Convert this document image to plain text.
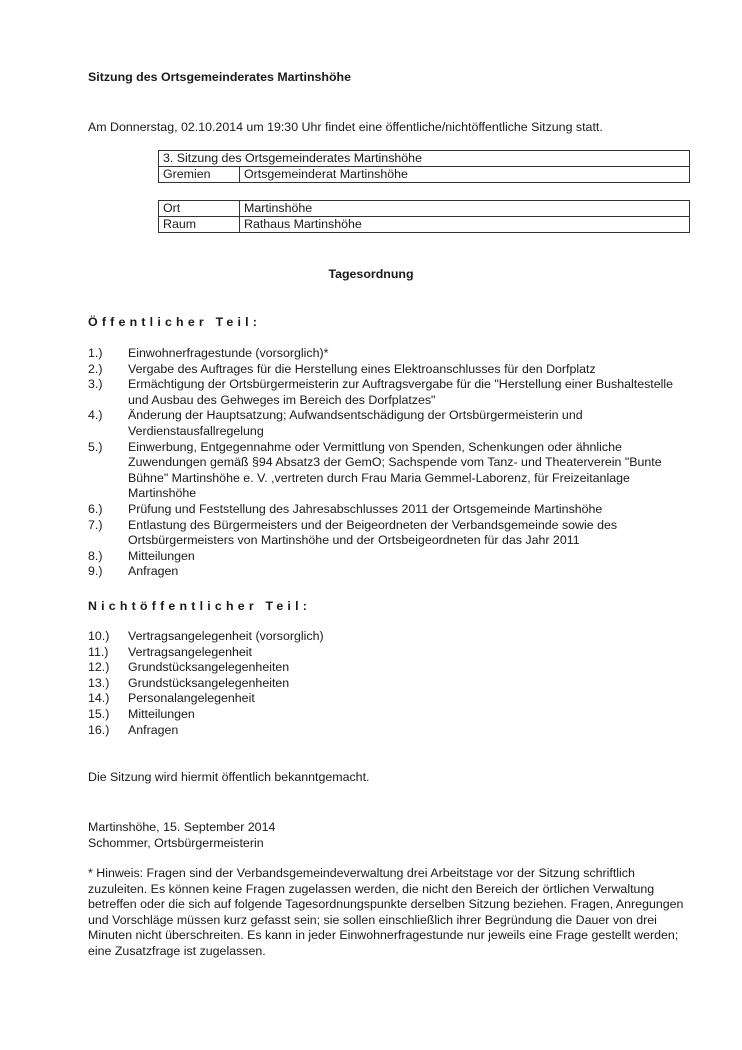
Sitzung des Ortsgemeinderates Martinshöhe
Am Donnerstag, 02.10.2014 um 19:30 Uhr findet eine öffentliche/nichtöffentliche Sitzung statt.
3. Sitzung des Ortsgemeinderates Martinshöhe
Gremien	Ortsgemeinderat Martinshöhe
Ort	Martinshöhe
Raum	Rathaus Martinshöhe
Tagesordnung
Öffentlicher Teil:
1.)	Einwohnerfragestunde (vorsorglich)*
2.)	Vergabe des Auftrages für die Herstellung eines Elektroanschlusses für den Dorfplatz
3.)	Ermächtigung der Ortsbürgermeisterin zur Auftragsvergabe für die "Herstellung einer Bushaltestelle und Ausbau des Gehweges im Bereich des Dorfplatzes"
4.)	Änderung der Hauptsatzung; Aufwandsentschädigung der Ortsbürgermeisterin und Verdienstausfallregelung
5.)	Einwerbung, Entgegennahme oder Vermittlung von Spenden, Schenkungen oder ähnliche Zuwendungen gemäß §94 Absatz3 der GemO; Sachspende vom Tanz- und Theaterverein "Bunte Bühne" Martinshöhe e. V. ,vertreten durch Frau Maria Gemmel-Laborenz, für Freizeitanlage Martinshöhe
6.)	Prüfung und Feststellung des Jahresabschlusses 2011 der Ortsgemeinde Martinshöhe
7.)	Entlastung des Bürgermeisters und der Beigeordneten der Verbandsgemeinde sowie des Ortsbürgermeisters von Martinshöhe und der Ortsbeigeordneten für das Jahr 2011
8.)	Mitteilungen
9.)	Anfragen
Nichtöffentlicher Teil:
10.)	Vertragsangelegenheit (vorsorglich)
11.)	Vertragsangelegenheit
12.)	Grundstücksangelegenheiten
13.)	Grundstücksangelegenheiten
14.)	Personalangelegenheit
15.)	Mitteilungen
16.)	Anfragen
Die Sitzung wird hiermit öffentlich bekanntgemacht.
Martinshöhe, 15. September 2014
Schommer, Ortsbürgermeisterin
* Hinweis: Fragen sind der Verbandsgemeindeverwaltung drei Arbeitstage vor der Sitzung schriftlich zuzuleiten. Es können keine Fragen zugelassen werden, die nicht den Bereich der örtlichen Verwaltung betreffen oder die sich auf folgende Tagesordnungspunkte derselben Sitzung beziehen. Fragen, Anregungen und Vorschläge müssen kurz gefasst sein; sie sollen einschließlich ihrer Begründung die Dauer von drei Minuten nicht überschreiten. Es kann in jeder Einwohnerfragestunde nur jeweils eine Frage gestellt werden; eine Zusatzfrage ist zugelassen.
